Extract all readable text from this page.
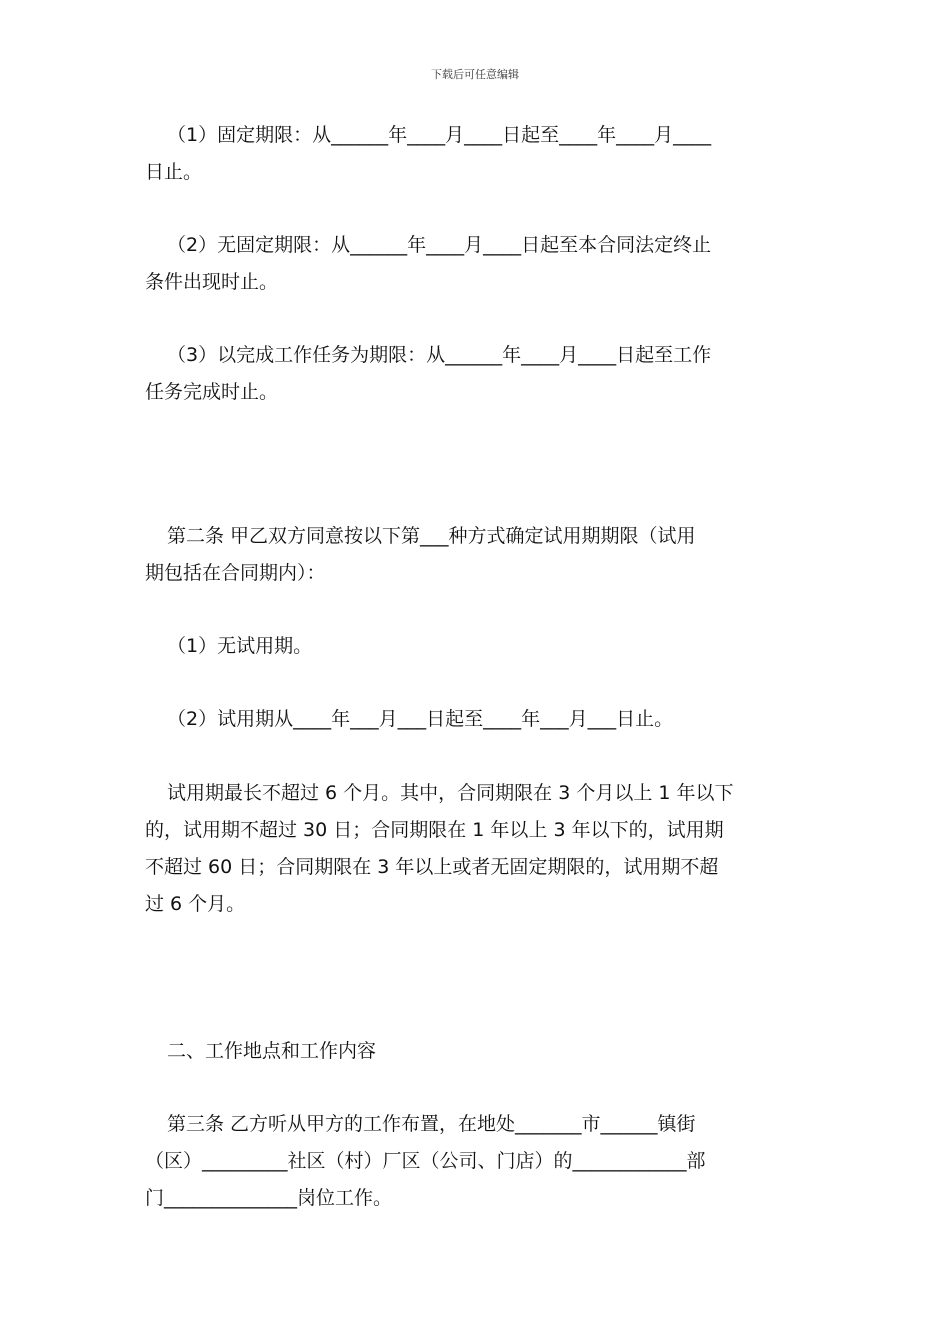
下载后可任意编辑
（1）固定期限：从______年____月____日起至____年____月____
日止。
（2）无固定期限：从______年____月____日起至本合同法定终止
条件出现时止。
（3）以完成工作任务为期限：从______年____月____日起至工作
任务完成时止。
第二条 甲乙双方同意按以下第___种方式确定试用期期限（试用
期包括在合同期内）：
（1）无试用期。
（2）试用期从____年___月___日起至____年___月___日止。
试用期最长不超过 6 个月。其中，合同期限在 3 个月以上 1 年以下
的，试用期不超过 30 日；合同期限在 1 年以上 3 年以下的，试用期
不超过 60 日；合同期限在 3 年以上或者无固定期限的，试用期不超
过 6 个月。
二、工作地点和工作内容
第三条 乙方听从甲方的工作布置，在地处_______市______镇街
（区）_________社区（村）厂区（公司、门店）的____________部
门______________岗位工作。
